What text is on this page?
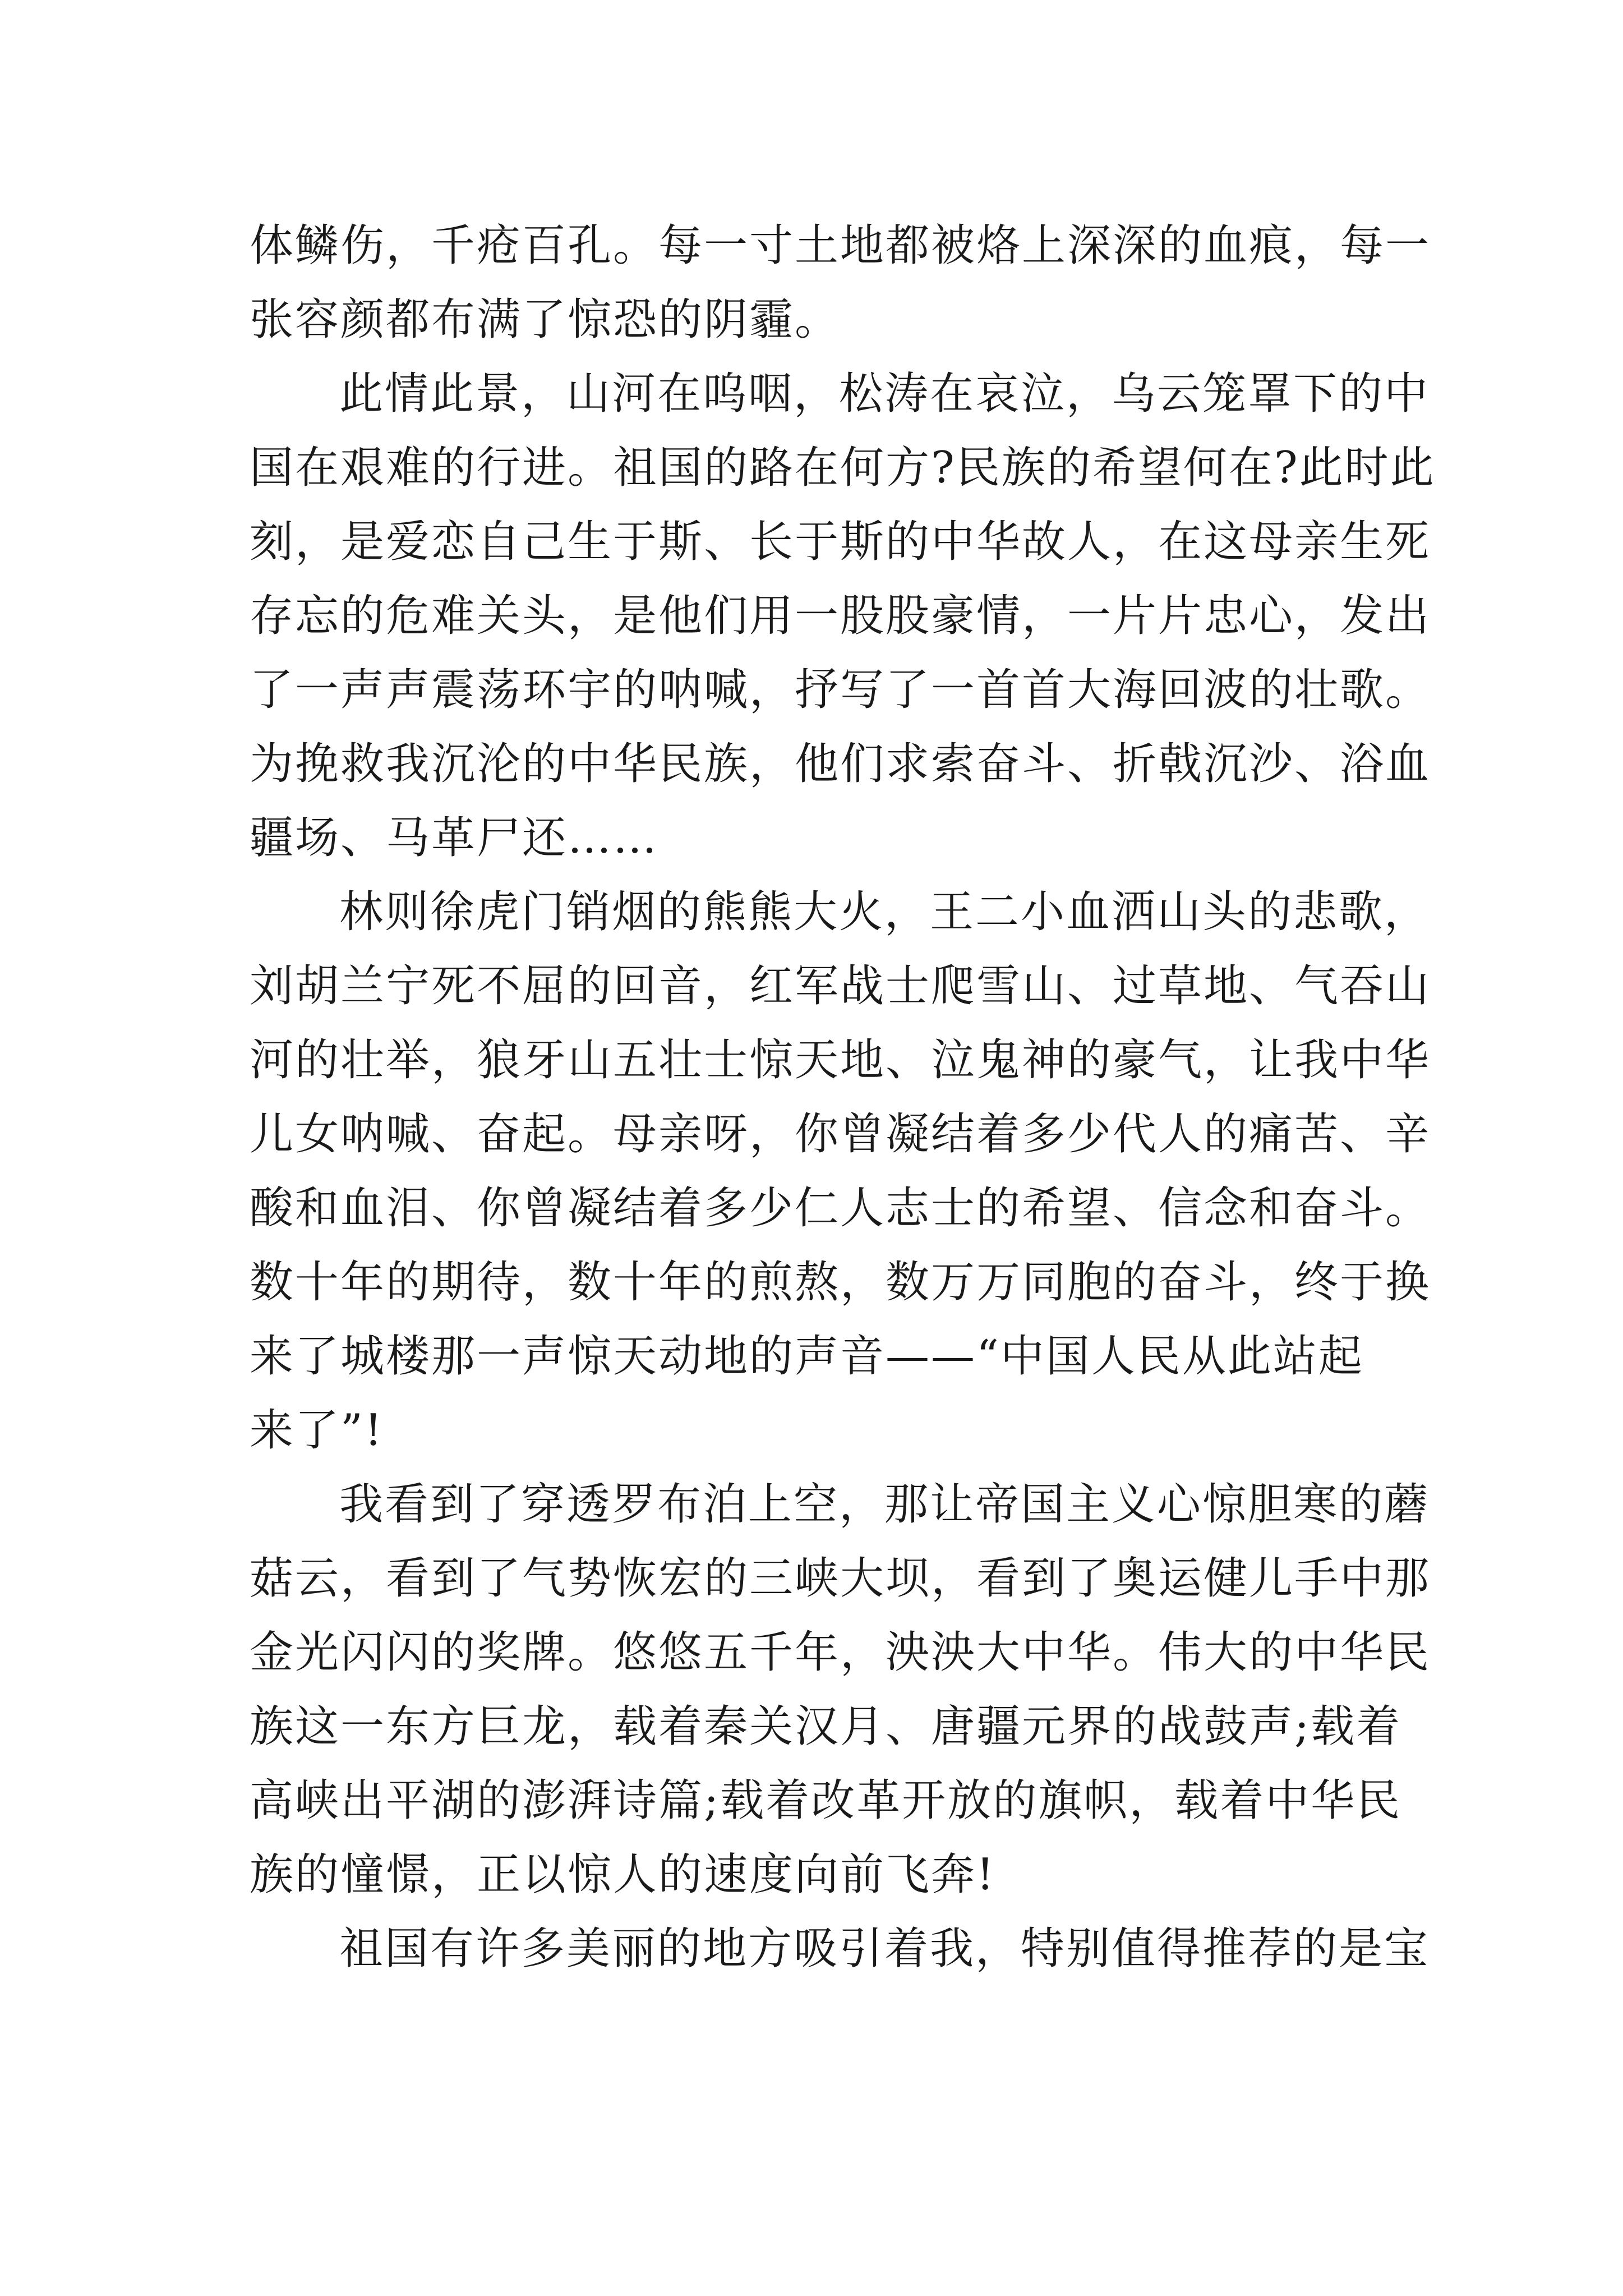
体鳞伤，千疮百孔。每一寸土地都被烙上深深的血痕，每一
张容颜都布满了惊恐的阴霾。
此情此景，山河在呜咽，松涛在哀泣，乌云笼罩下的中
国在艰难的行进。祖国的路在何方?民族的希望何在?此时此
刻，是爱恋自己生于斯、长于斯的中华故人，在这母亲生死
存忘的危难关头，是他们用一股股豪情，一片片忠心，发出
了一声声震荡环宇的呐喊，抒写了一首首大海回波的壮歌。
为挽救我沉沦的中华民族，他们求索奋斗、折戟沉沙、浴血
疆场、马革尸还……
林则徐虎门销烟的熊熊大火，王二小血洒山头的悲歌，
刘胡兰宁死不屈的回音，红军战士爬雪山、过草地、气吞山
河的壮举，狼牙山五壮士惊天地、泣鬼神的豪气，让我中华
儿女呐喊、奋起。母亲呀，你曾凝结着多少代人的痛苦、辛
酸和血泪、你曾凝结着多少仁人志士的希望、信念和奋斗。
数十年的期待，数十年的煎熬，数万万同胞的奋斗，终于换
来了城楼那一声惊天动地的声音——“中国人民从此站起
来了”!
我看到了穿透罗布泊上空，那让帝国主义心惊胆寒的蘑
菇云，看到了气势恢宏的三峡大坝，看到了奥运健儿手中那
金光闪闪的奖牌。悠悠五千年，泱泱大中华。伟大的中华民
族这一东方巨龙，载着秦关汉月、唐疆元界的战鼓声;载着
高峡出平湖的澎湃诗篇;载着改革开放的旗帜，载着中华民
族的憧憬，正以惊人的速度向前飞奔!
祖国有许多美丽的地方吸引着我，特别值得推荐的是宝
